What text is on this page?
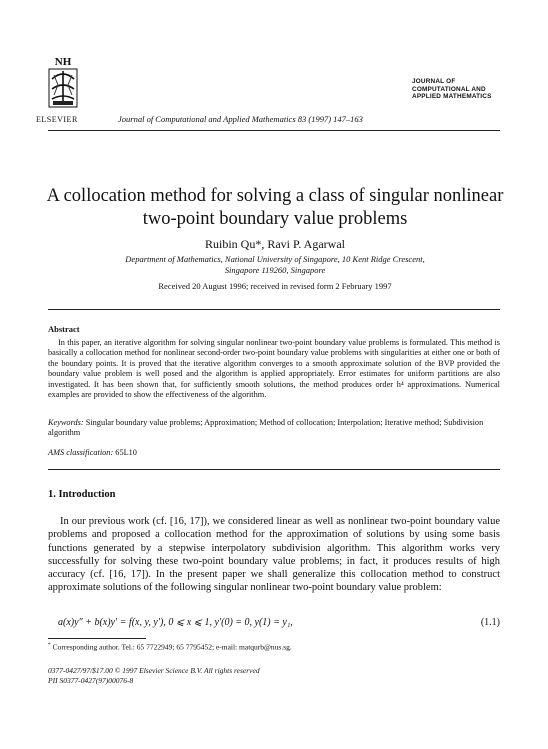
NH
ELSEVIER	Journal of Computational and Applied Mathematics 83 (1997) 147–163
JOURNAL OF
COMPUTATIONAL AND
APPLIED MATHEMATICS
A collocation method for solving a class of singular nonlinear
two-point boundary value problems
Ruibin Qu*, Ravi P. Agarwal
Department of Mathematics, National University of Singapore, 10 Kent Ridge Crescent,
Singapore 119260, Singapore
Received 20 August 1996; received in revised form 2 February 1997
Abstract
In this paper, an iterative algorithm for solving singular nonlinear two-point boundary value problems is formulated. This method is basically a collocation method for nonlinear second-order two-point boundary value problems with singularities at either one or both of the boundary points. It is proved that the iterative algorithm converges to a smooth approximate solution of the BVP provided the boundary value problem is well posed and the algorithm is applied appropriately. Error estimates for uniform partitions are also investigated. It has been shown that, for sufficiently smooth solutions, the method produces order h⁴ approximations. Numerical examples are provided to show the effectiveness of the algorithm.
Keywords: Singular boundary value problems; Approximation; Method of collocation; Interpolation; Iterative method; Subdivision algorithm
AMS classification: 65L10
1. Introduction
In our previous work (cf. [16, 17]), we considered linear as well as nonlinear two-point boundary value problems and proposed a collocation method for the approximation of solutions by using some basis functions generated by a stepwise interpolatory subdivision algorithm. This algorithm works very successfully for solving these two-point boundary value problems; in fact, it produces results of high accuracy (cf. [16, 17]). In the present paper we shall generalize this collocation method to construct approximate solutions of the following singular nonlinear two-point boundary value problem:
a(x)y″ + b(x)y′ = f(x, y, y′), 0 ⩽ x ⩽ 1, y′(0) = 0, y(1) = y₁,	(1.1)
* Corresponding author. Tel.: 65 7722949; 65 7795452; e-mail: matqurb@nus.sg.
0377-0427/97/$17.00 © 1997 Elsevier Science B.V. All rights reserved
PII S0377-0427(97)00076-8
